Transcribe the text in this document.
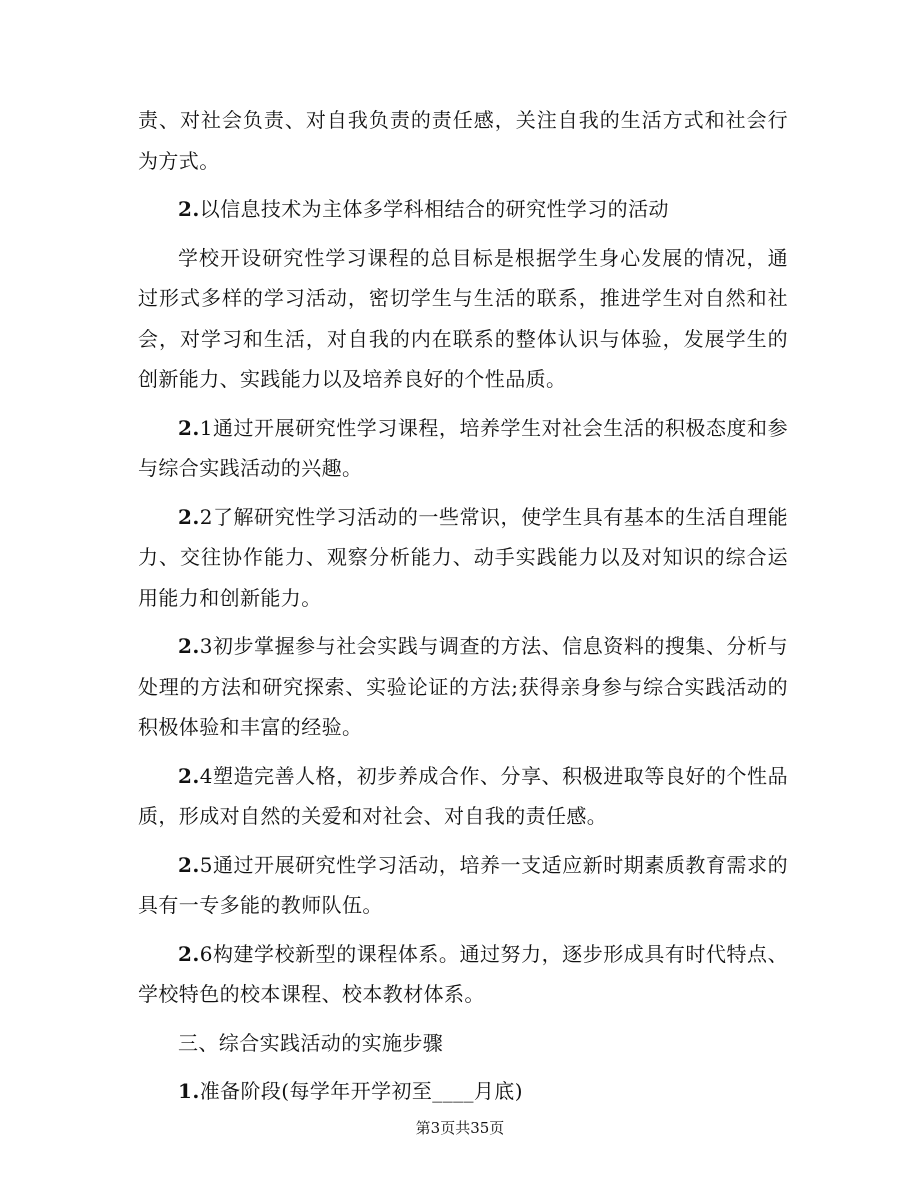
责、对社会负责、对自我负责的责任感，关注自我的生活方式和社会行为方式。

2.以信息技术为主体多学科相结合的研究性学习的活动

学校开设研究性学习课程的总目标是根据学生身心发展的情况，通过形式多样的学习活动，密切学生与生活的联系，推进学生对自然和社会，对学习和生活，对自我的内在联系的整体认识与体验，发展学生的创新能力、实践能力以及培养良好的个性品质。

2.1通过开展研究性学习课程，培养学生对社会生活的积极态度和参与综合实践活动的兴趣。

2.2了解研究性学习活动的一些常识，使学生具有基本的生活自理能力、交往协作能力、观察分析能力、动手实践能力以及对知识的综合运用能力和创新能力。

2.3初步掌握参与社会实践与调查的方法、信息资料的搜集、分析与处理的方法和研究探索、实验论证的方法;获得亲身参与综合实践活动的积极体验和丰富的经验。

2.4塑造完善人格，初步养成合作、分享、积极进取等良好的个性品质，形成对自然的关爱和对社会、对自我的责任感。

2.5通过开展研究性学习活动，培养一支适应新时期素质教育需求的具有一专多能的教师队伍。

2.6构建学校新型的课程体系。通过努力，逐步形成具有时代特点、学校特色的校本课程、校本教材体系。

三、综合实践活动的实施步骤

1.准备阶段(每学年开学初至____月底)

第3页共35页
